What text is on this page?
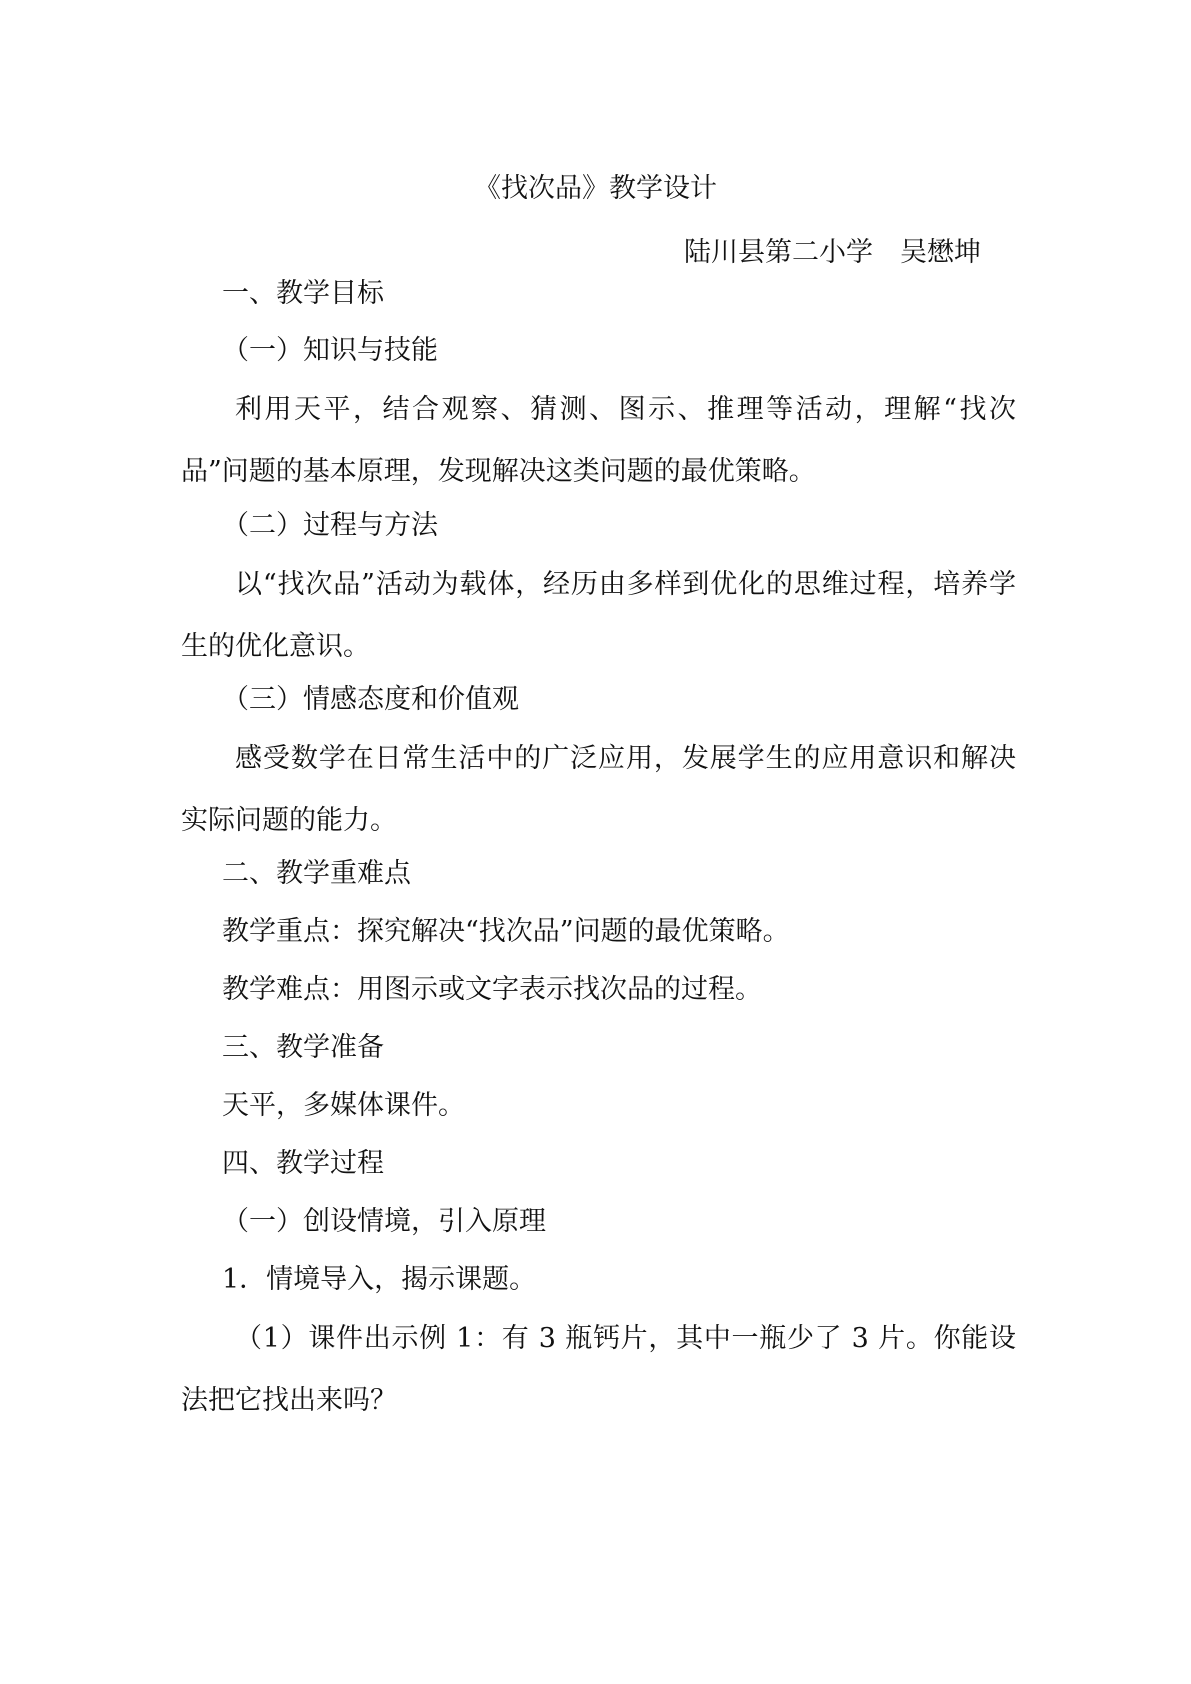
《找次品》教学设计

陆川县第二小学　吴懋坤

一、教学目标

（一）知识与技能

利用天平，结合观察、猜测、图示、推理等活动，理解“找次品”问题的基本原理，发现解决这类问题的最优策略。

（二）过程与方法

以“找次品”活动为载体，经历由多样到优化的思维过程，培养学生的优化意识。

（三）情感态度和价值观

感受数学在日常生活中的广泛应用，发展学生的应用意识和解决实际问题的能力。

二、教学重难点

教学重点：探究解决“找次品”问题的最优策略。

教学难点：用图示或文字表示找次品的过程。

三、教学准备

天平，多媒体课件。

四、教学过程

（一）创设情境，引入原理

1．情境导入，揭示课题。

（1）课件出示例 1：有 3 瓶钙片，其中一瓶少了 3 片。你能设法把它找出来吗？
